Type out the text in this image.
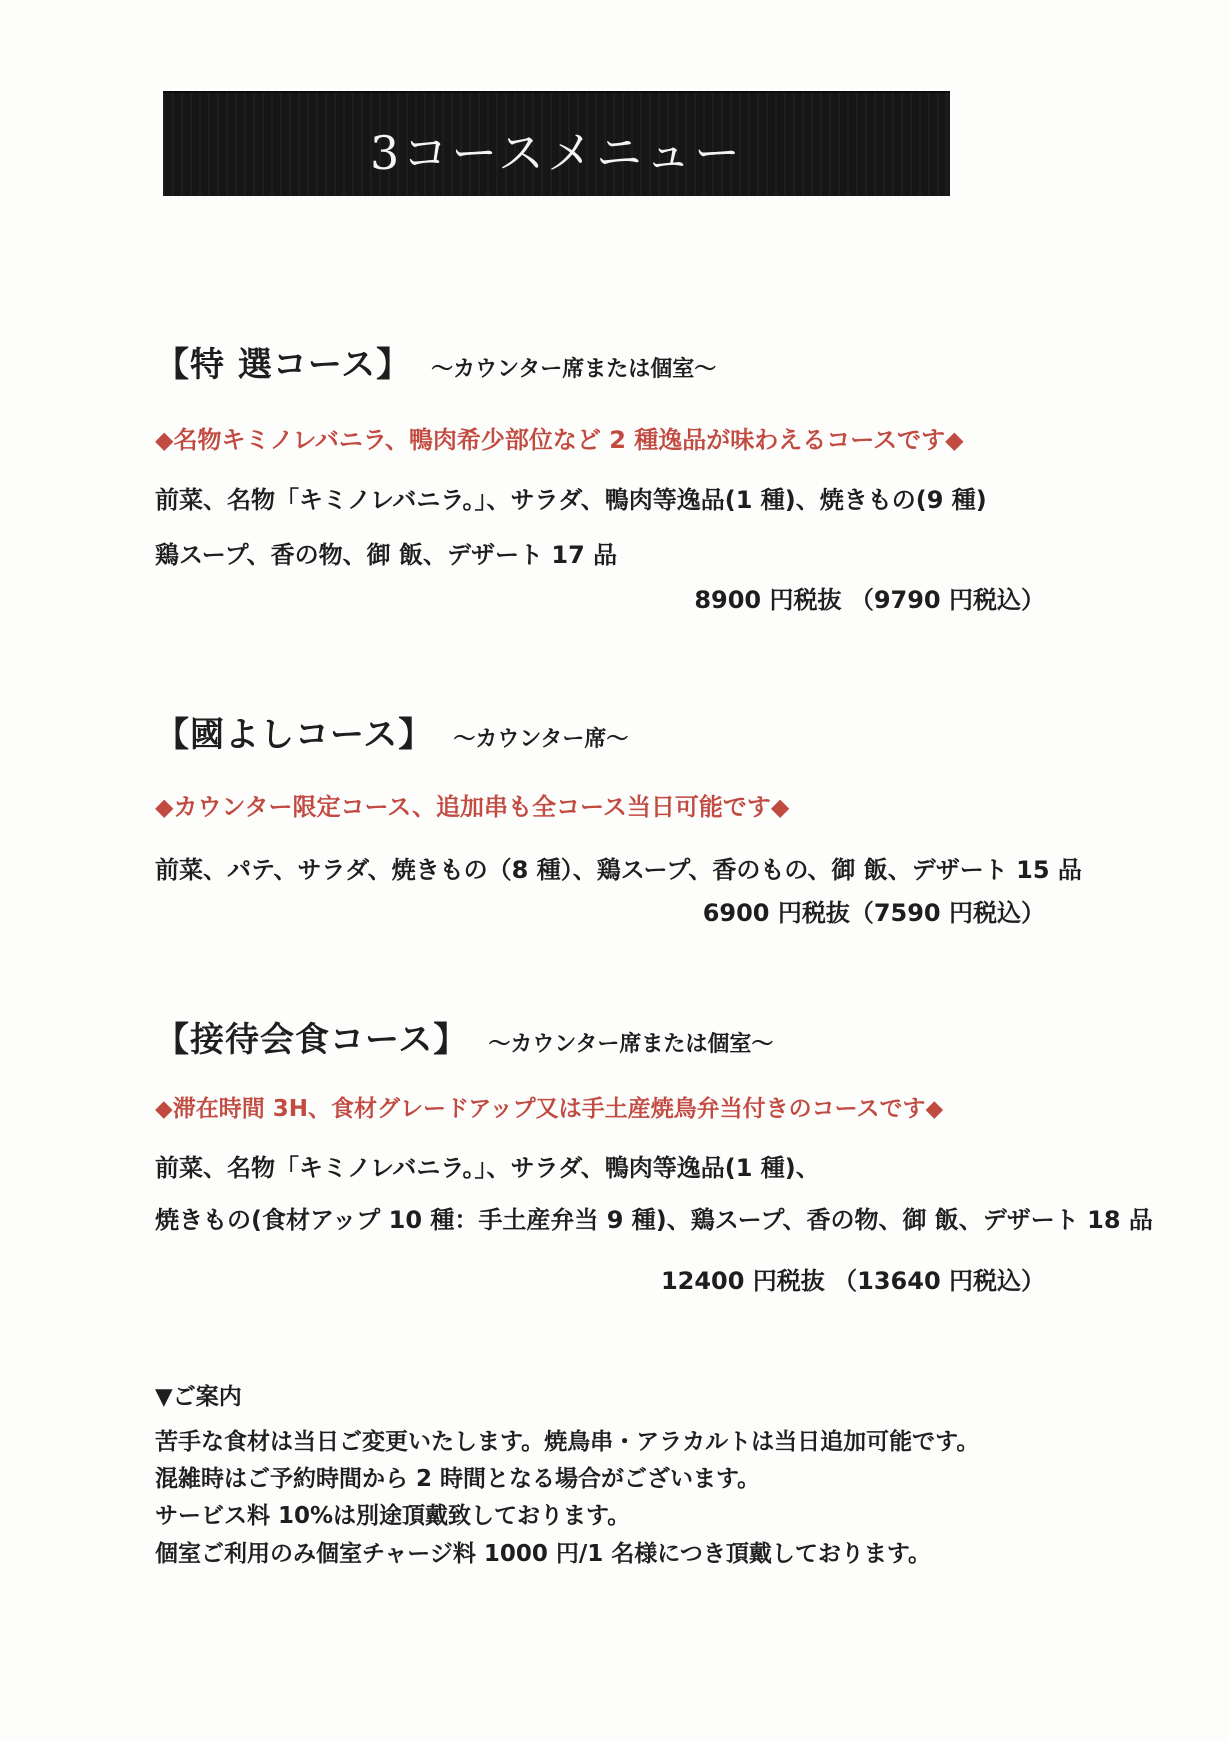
3コースメニュー
【特 選コース】 ～カウンター席または個室～

◆名物キミノレバニラ、鴨肉希少部位など 2 種逸品が味わえるコースです◆

前菜、名物「キミノレバニラ。」、サラダ、鴨肉等逸品(1 種)、焼きもの(9 種)

鶏スープ、香の物、御 飯、デザート 17 品

8900 円税抜 （9790 円税込）

【國よしコース】 ～カウンター席～

◆カウンター限定コース、追加串も全コース当日可能です◆

前菜、パテ、サラダ、焼きもの（8 種）、鶏スープ、香のもの、御 飯、デザート 15 品

6900 円税抜（7590 円税込）

【接待会食コース】 ～カウンター席または個室～

◆滞在時間 3H、食材グレードアップ又は手土産焼鳥弁当付きのコースです◆

前菜、名物「キミノレバニラ。」、サラダ、鴨肉等逸品(1 種)、

焼きもの(食材アップ 10 種：手土産弁当 9 種)、鶏スープ、香の物、御 飯、デザート 18 品

12400 円税抜 （13640 円税込）

▼ご案内

苦手な食材は当日ご変更いたします。焼鳥串・アラカルトは当日追加可能です。

混雑時はご予約時間から 2 時間となる場合がございます。

サービス料 10%は別途頂戴致しております。

個室ご利用のみ個室チャージ料 1000 円/1 名様につき頂戴しております。
